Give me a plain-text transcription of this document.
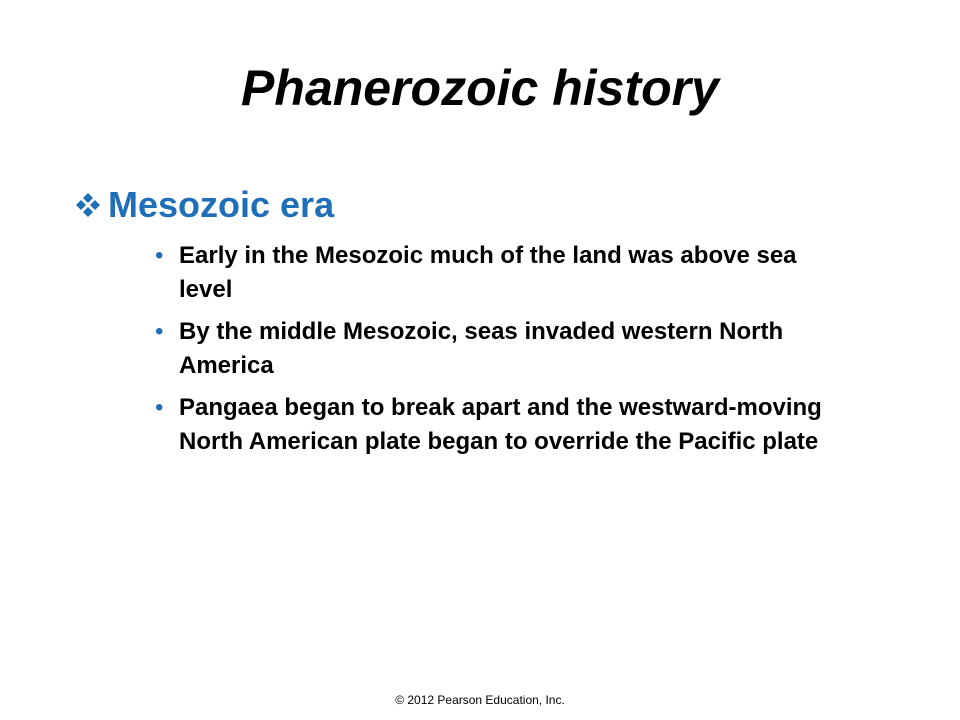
Phanerozoic history
Mesozoic era
• Early in the Mesozoic much of the land was above sea level
• By the middle Mesozoic, seas invaded western North America
• Pangaea began to break apart and the westward-moving North American plate began to override the Pacific plate
© 2012 Pearson Education, Inc.
